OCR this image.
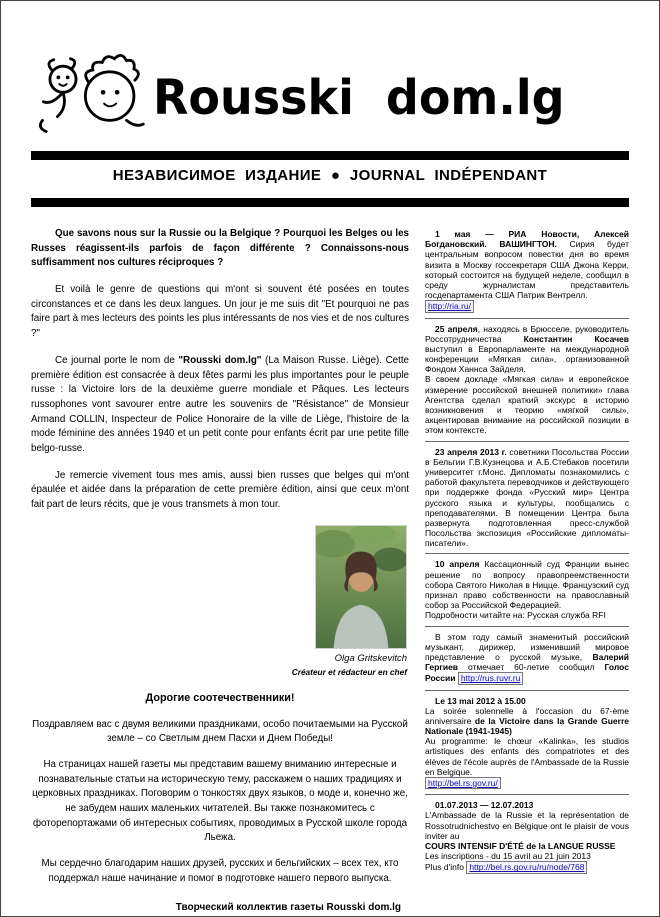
Rousski dom.lg
НЕЗАВИСИМОЕ ИЗДАНИЕ ● JOURNAL INDÉPENDANT

Que savons nous sur la Russie ou la Belgique ? Pourquoi les Belges ou les Russes réagissent-ils parfois de façon différente ? Connaissons-nous suffisamment nos cultures réciproques ?

Et voilà le genre de questions qui m'ont si souvent été posées en toutes circonstances et ce dans les deux langues. Un jour je me suis dit "Et pourquoi ne pas faire part à mes lecteurs des points les plus intéressants de nos vies et de nos cultures ?"

Ce journal porte le nom de "Rousski dom.lg" (La Maison Russe. Liège). Cette première édition est consacrée à deux fêtes parmi les plus importantes pour le peuple russe : la Victoire lors de la deuxième guerre mondiale et Pâques. Les lecteurs russophones vont savourer entre autre les souvenirs de "Résistance" de Monsieur Armand COLLIN, Inspecteur de Police Honoraire de la ville de Liège, l'histoire de la mode féminine des années 1940 et un petit conte pour enfants écrit par une petite fille belgo-russe.

Je remercie vivement tous mes amis, aussi bien russes que belges qui m'ont épaulée et aidée dans la préparation de cette première édition, ainsi que ceux m'ont fait part de leurs récits, que je vous transmets à mon tour.

Olga Gritskevitch
Créateur et rédacteur en chef
Дорогие соотечественники!

Поздравляем вас с двумя великими праздниками, особо почитаемыми на Русской земле – со Светлым днем Пасхи и Днем Победы!

На страницах нашей газеты мы представим вашему вниманию интересные и познавательные статьи на историческую тему, расскажем о наших традициях и церковных праздниках. Поговорим о тонкостях двух языков, о моде и, конечно же, не забудем наших маленьких читателей. Вы также познакомитесь с фоторепортажами об интересных событиях, проводимых в Русской школе города Льежа.

Мы сердечно благодарим наших друзей, русских и бельгийских – всех тех, кто поддержал наше начинание и помог в подготовке нашего первого выпуска.

Творческий коллектив газеты Rousski dom.lg
1 мая — РИА Новости, Алексей Богдановский. ВАШИНГТОН. Сирия будет центральным вопросом повестки дня во время визита в Москву госсекретаря США Джона Керри, который состоится на будущей неделе, сообщил в среду журналистам представитель госдепартамента США Патрик Вентрелл.
http://ria.ru/
25 апреля, находясь в Брюсселе, руководитель Россотрудничества Константин Косачев выступил в Европарламенте на международной конференции «Мягкая сила», организованной Фондом Ханнса Зайделя.
В своем докладе «Мягкая сила» и европейское измерение российской внешней политики» глава Агентства сделал краткий экскурс в историю возникновения и теорию «мягкой силы», акцентировав внимание на российской позиции в этом контексте.
23 апреля 2013 г. советники Посольства России в Бельгии Г.В.Кузнецова и А.Б.Стебаков посетили университет г.Монс. Дипломаты познакомились с работой факультета переводчиков и действующего при поддержке фонда «Русский мир» Центра русского языка и культуры, пообщались с преподавателями. В помещении Центра была развернута подготовленная пресс-службой Посольства экспозиция «Российские дипломаты-писатели».
10 апреля Кассационный суд Франции вынес решение по вопросу правопреемственности собора Святого Николая в Ницце. Французский суд признал право собственности на православный собор за Российской Федерацией.
Подробности читайте на: Русская служба RFI
В этом году самый знаменитый российский музыкант, дирижер, изменивший мировое представление о русской музыке, Валерий Гергиев отмечает 60-летие сообщил Голос России http://rus.ruvr.ru
Le 13 mai 2012 à 15.00
La soirée solennelle à l'occasion du 67-ème anniversaire de la Victoire dans la Grande Guerre Nationale (1941-1945)
Au programme: le chœur «Kalinka», les studios artistiques des enfants des compatriotes et des élèves de l'école auprès de l'Ambassade de la Russie en Belgique.
http://bel.rs.gov.ru/
01.07.2013 — 12.07.2013
L'Ambassade de la Russie et la représentation de Rossotrudnichestvo en Belgique ont le plaisir de vous inviter au
COURS INTENSIF D'ÉTÉ de la LANGUE RUSSE
Les inscriptions - du 15 avril au 21 juin 2013
Plus d'info http://bel.rs.gov.ru/ru/node/768
